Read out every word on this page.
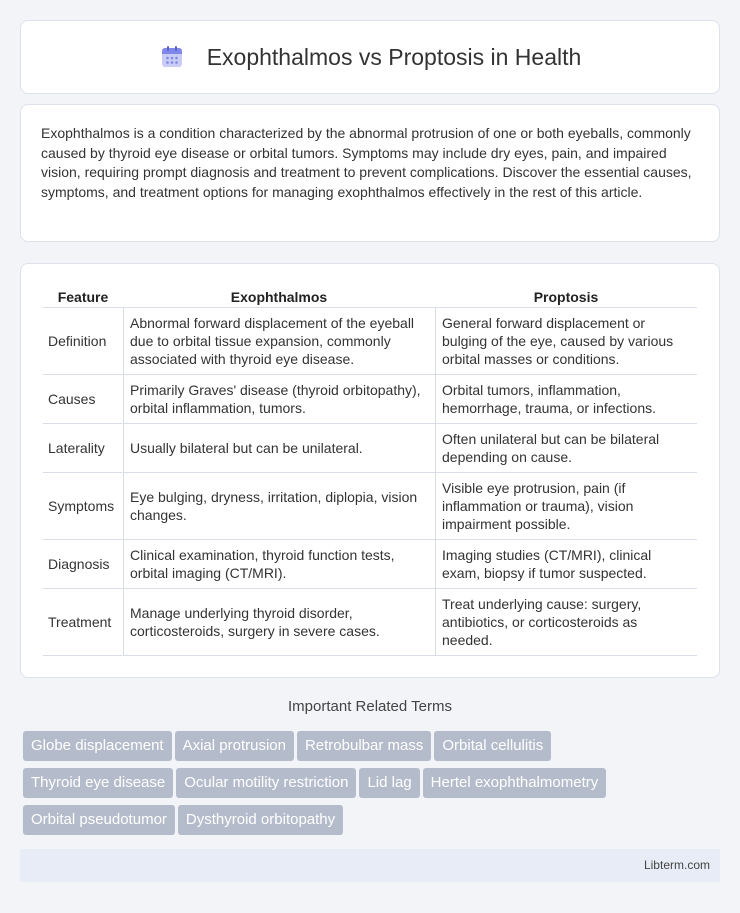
Exophthalmos vs Proptosis in Health

Exophthalmos is a condition characterized by the abnormal protrusion of one or both eyeballs, commonly caused by thyroid eye disease or orbital tumors. Symptoms may include dry eyes, pain, and impaired vision, requiring prompt diagnosis and treatment to prevent complications. Discover the essential causes, symptoms, and treatment options for managing exophthalmos effectively in the rest of this article.

Feature	Exophthalmos	Proptosis
Definition	Abnormal forward displacement of the eyeball due to orbital tissue expansion, commonly associated with thyroid eye disease.	General forward displacement or bulging of the eye, caused by various orbital masses or conditions.
Causes	Primarily Graves' disease (thyroid orbitopathy), orbital inflammation, tumors.	Orbital tumors, inflammation, hemorrhage, trauma, or infections.
Laterality	Usually bilateral but can be unilateral.	Often unilateral but can be bilateral depending on cause.
Symptoms	Eye bulging, dryness, irritation, diplopia, vision changes.	Visible eye protrusion, pain (if inflammation or trauma), vision impairment possible.
Diagnosis	Clinical examination, thyroid function tests, orbital imaging (CT/MRI).	Imaging studies (CT/MRI), clinical exam, biopsy if tumor suspected.
Treatment	Manage underlying thyroid disorder, corticosteroids, surgery in severe cases.	Treat underlying cause: surgery, antibiotics, or corticosteroids as needed.
Important Related Terms
Globe displacement Axial protrusion Retrobulbar mass Orbital cellulitis
Thyroid eye disease Ocular motility restriction Lid lag Hertel exophthalmometry
Orbital pseudotumor Dysthyroid orbitopathy
Libterm.com
